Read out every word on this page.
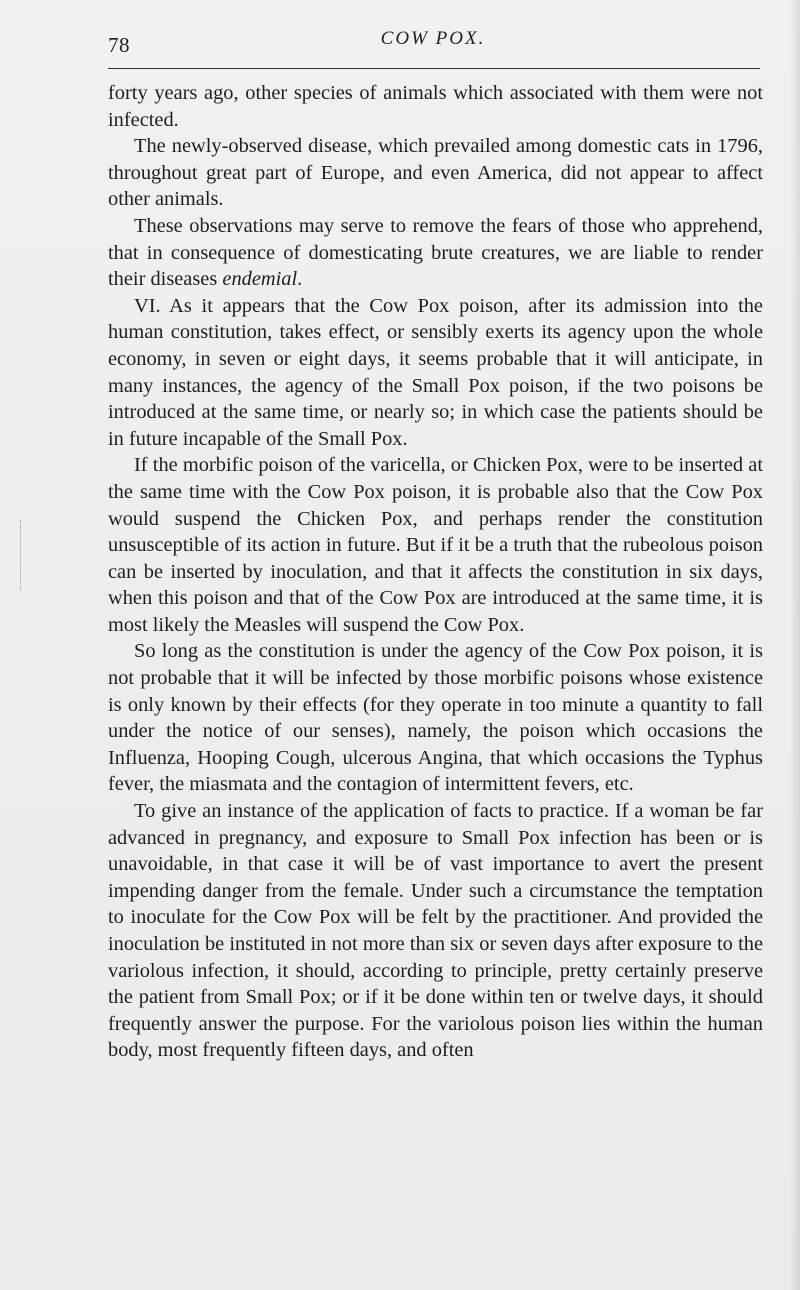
78	COW POX.

forty years ago, other species of animals which associated with them were not infected.

The newly-observed disease, which prevailed among domestic cats in 1796, throughout great part of Europe, and even America, did not appear to affect other animals.

These observations may serve to remove the fears of those who apprehend, that in consequence of domesticating brute creatures, we are liable to render their diseases endemial.

VI. As it appears that the Cow Pox poison, after its admission into the human constitution, takes effect, or sensibly exerts its agency upon the whole economy, in seven or eight days, it seems probable that it will anticipate, in many instances, the agency of the Small Pox poison, if the two poisons be introduced at the same time, or nearly so; in which case the patients should be in future incapable of the Small Pox.

If the morbific poison of the varicella, or Chicken Pox, were to be inserted at the same time with the Cow Pox poison, it is probable also that the Cow Pox would suspend the Chicken Pox, and perhaps render the constitution unsusceptible of its action in future. But if it be a truth that the rubeolous poison can be inserted by inoculation, and that it affects the constitution in six days, when this poison and that of the Cow Pox are introduced at the same time, it is most likely the Measles will suspend the Cow Pox.

So long as the constitution is under the agency of the Cow Pox poison, it is not probable that it will be infected by those morbific poisons whose existence is only known by their effects (for they operate in too minute a quantity to fall under the notice of our senses), namely, the poison which occasions the Influenza, Hooping Cough, ulcerous Angina, that which occasions the Typhus fever, the miasmata and the contagion of intermittent fevers, etc.

To give an instance of the application of facts to practice. If a woman be far advanced in pregnancy, and exposure to Small Pox infection has been or is unavoidable, in that case it will be of vast importance to avert the present impending danger from the female. Under such a circumstance the temptation to inoculate for the Cow Pox will be felt by the practitioner. And provided the inoculation be instituted in not more than six or seven days after exposure to the variolous infection, it should, according to principle, pretty certainly preserve the patient from Small Pox; or if it be done within ten or twelve days, it should frequently answer the purpose. For the variolous poison lies within the human body, most frequently fifteen days, and often
